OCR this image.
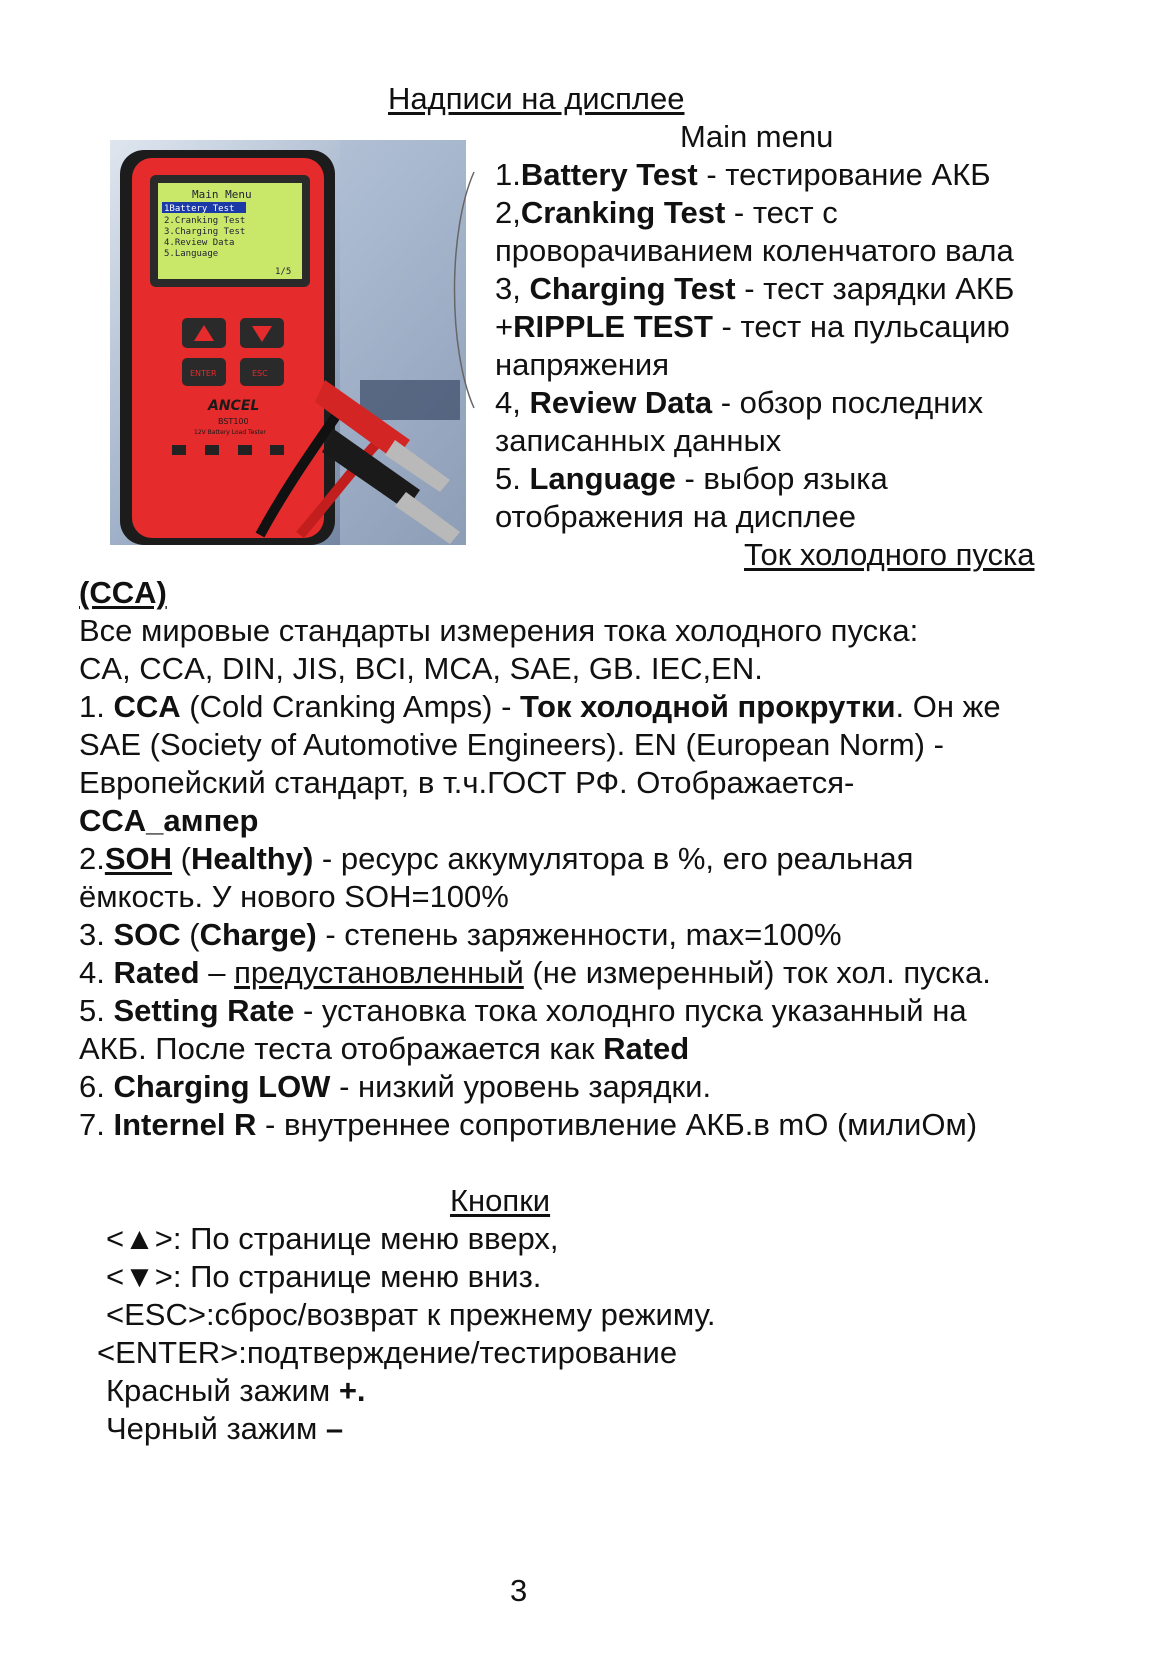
Надписи на дисплее
Main Menu
1Battery Test
2.Cranking Test
3.Charging Test
4.Review Data
5.Language
1/5
ENTER	ESC
ANCEL
BST100
12V Battery Load Tester
Main menu
1.Battery Test - тестирование АКБ
2,Cranking Test - тест с
проворачиванием коленчатого вала
3, Charging Test - тест зарядки АКБ
+RIPPLE TEST - тест на пульсацию
напряжения
4, Review Data - обзор последних
записанных данных
5. Language - выбор языка
отображения на дисплее
Ток холодного пуска
(CCA)
Все мировые стандарты измерения тока холодного пуска:
CA, CCA, DIN, JIS, BCI, MCA, SAE, GB. IEC,EN.
1. CCA (Cold Cranking Amps) - Ток холодной прокрутки. Он же
SAE (Society of Automotive Engineers). EN (European Norm) -
Европейский стандарт, в т.ч.ГОСТ РФ. Отображается-
CCA_ампер
2.SOH (Healthy) - ресурс аккумулятора в %, его реальная
ёмкость. У нового SOH=100%
3. SOC (Charge) - степень заряженности, max=100%
4. Rated – предустановленный (не измеренный) ток хол. пуска.
5. Setting Rate - установка тока холоднго пуска указанный на
АКБ. После теста отображается как Rated
6. Charging LOW - низкий уровень зарядки.
7. Internel R - внутреннее сопротивление АКБ.в mO (милиОм)
Кнопки
<▲>: По странице меню вверх,
<▼>: По странице меню вниз.
<ESC>:сброс/возврат к прежнему режиму.
<ENTER>:подтверждение/тестирование
Красный зажим +.
Черный зажим –
3
